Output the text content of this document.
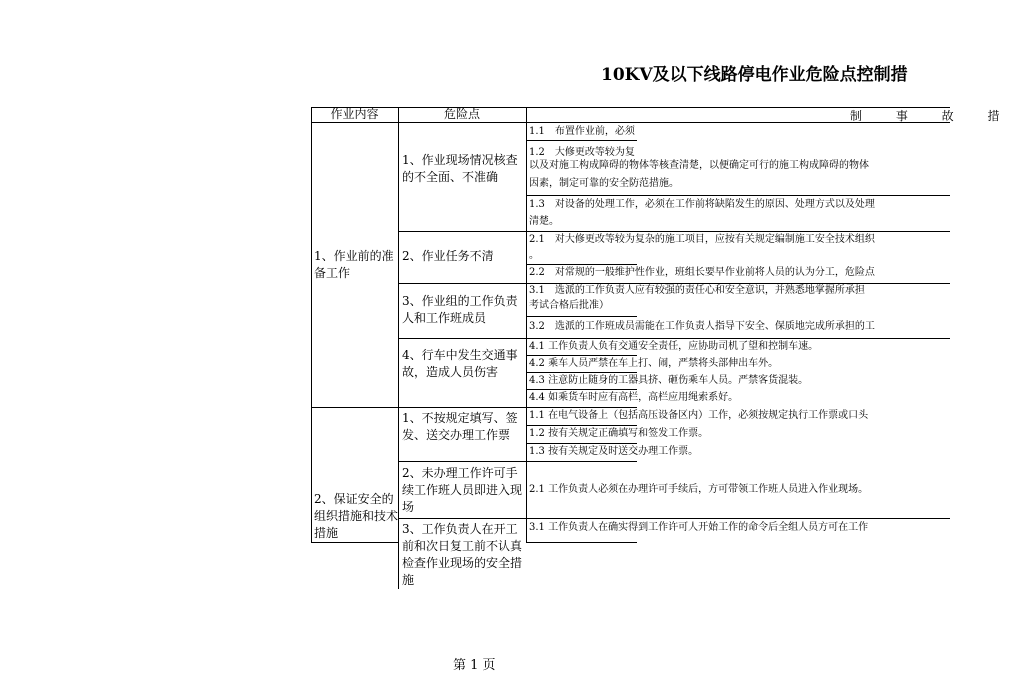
10KV及以下线路停电作业危险点控制措
作业内容	危险点	制 事 故 措
1、作业前的准备工作
2、保证安全的组织措施和技术措施
1、作业现场情况核查的不全面、不准确
2、作业任务不清
3、作业组的工作负责人和工作班成员
4、行车中发生交通事故，造成人员伤害
1、不按规定填写、签发、送交办理工作票
2、未办理工作许可手续工作班人员即进入现场
3、工作负责人在开工前和次日复工前不认真检查作业现场的安全措施
1.1　布置作业前，必须
1.2　大修更改等较为复
以及对施工构成障碍的物体等核查清楚，以便确定可行的施工构成障碍的物体
因素，制定可靠的安全防范措施。
1.3　对设备的处理工作，必须在工作前将缺陷发生的原因、处理方式以及处理
清楚。
2.1　对大修更改等较为复杂的施工项目，应按有关规定编制施工安全技术组织
。
2.2　对常规的一般维护性作业，班组长要早作业前将人员的认为分工，危险点
3.1　选派的工作负责人应有较强的责任心和安全意识，并熟悉地掌握所承担
考试合格后批准）
3.2　选派的工作班成员需能在工作负责人指导下安全、保质地完成所承担的工
4.1 工作负责人负有交通安全责任，应协助司机了望和控制车速。
4.2 乘车人员严禁在车上打、闹，严禁将头部伸出车外。
4.3 注意防止随身的工器具挤、砸伤乘车人员。严禁客货混装。
4.4 如乘货车时应有高栏，高栏应用绳索系好。
1.1 在电气设备上（包括高压设备区内）工作，必须按规定执行工作票或口头
1.2 按有关规定正确填写和签发工作票。
1.3 按有关规定及时送交办理工作票。
2.1 工作负责人必须在办理许可手续后，方可带领工作班人员进入作业现场。
3.1 工作负责人在确实得到工作许可人开始工作的命令后全组人员方可在工作
第 1 页
